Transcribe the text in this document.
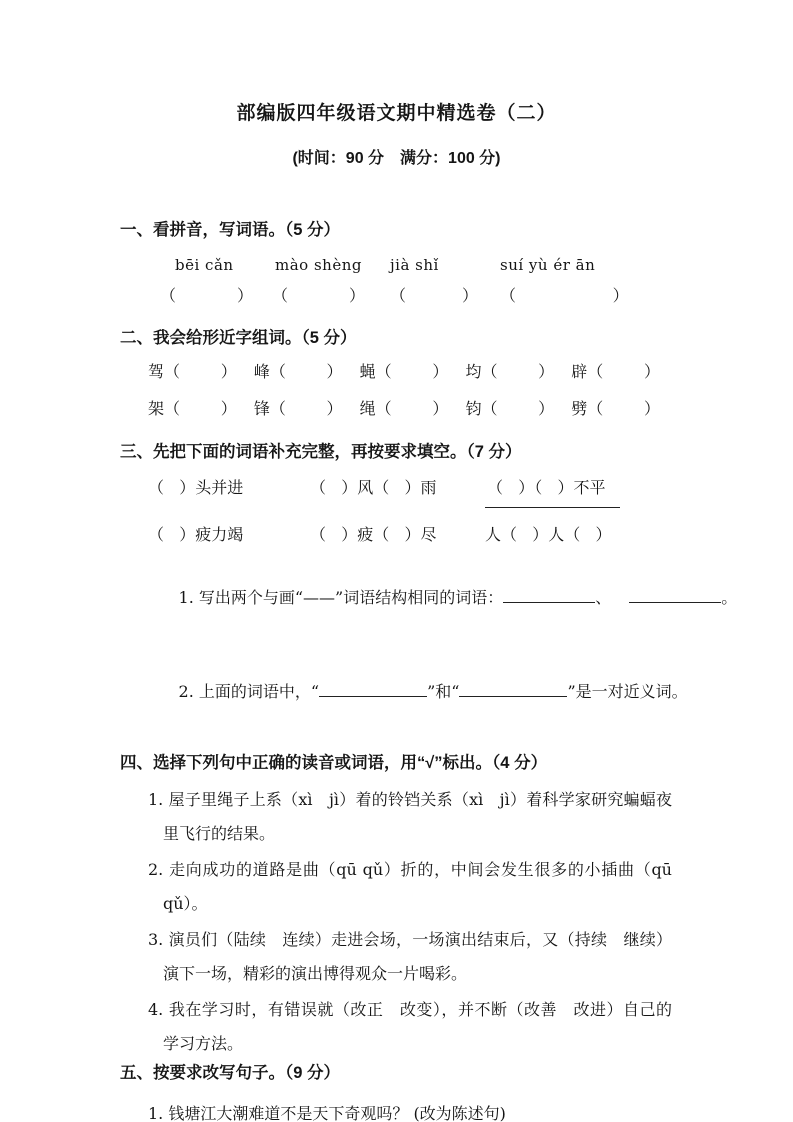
部编版四年级语文期中精选卷（二）
(时间：90 分　满分：100 分)
一、看拼音，写词语。（5 分）
bēi cǎn	mào shèng	jià shǐ	suí yù ér ān
（            ）	（            ）	（           ）	（                   ）
二、我会给形近字组词。（5 分）
驾（        ） 峰（        ） 蝇（        ） 均（        ） 辟（        ）
架（        ） 锋（        ） 绳（        ） 钧（        ） 劈（        ）
三、先把下面的词语补充完整，再按要求填空。（7 分）
（   ）头并进	（   ）风（   ）雨	（   ）（   ）不平
（   ）疲力竭	（   ）疲（   ）尽	人（   ）人（   ）

1. 写出两个与画“——”词语结构相同的词语：	、	。

2. 上面的词语中，“	”和“	”是一对近义词。

四、选择下列句中正确的读音或词语，用“√”标出。（4 分）
1. 屋子里绳子上系（xì　jì）着的铃铛关系（xì　jì）着科学家研究蝙蝠夜里飞行的结果。
2. 走向成功的道路是曲（qū qǔ）折的，中间会发生很多的小插曲（qū qǔ）。
3. 演员们（陆续　连续）走进会场，一场演出结束后，又（持续　继续）演下一场，精彩的演出博得观众一片喝彩。
4. 我在学习时，有错误就（改正　改变），并不断（改善　改进）自己的学习方法。
五、按要求改写句子。（9 分）
1. 钱塘江大潮难道不是天下奇观吗？ (改为陈述句)
